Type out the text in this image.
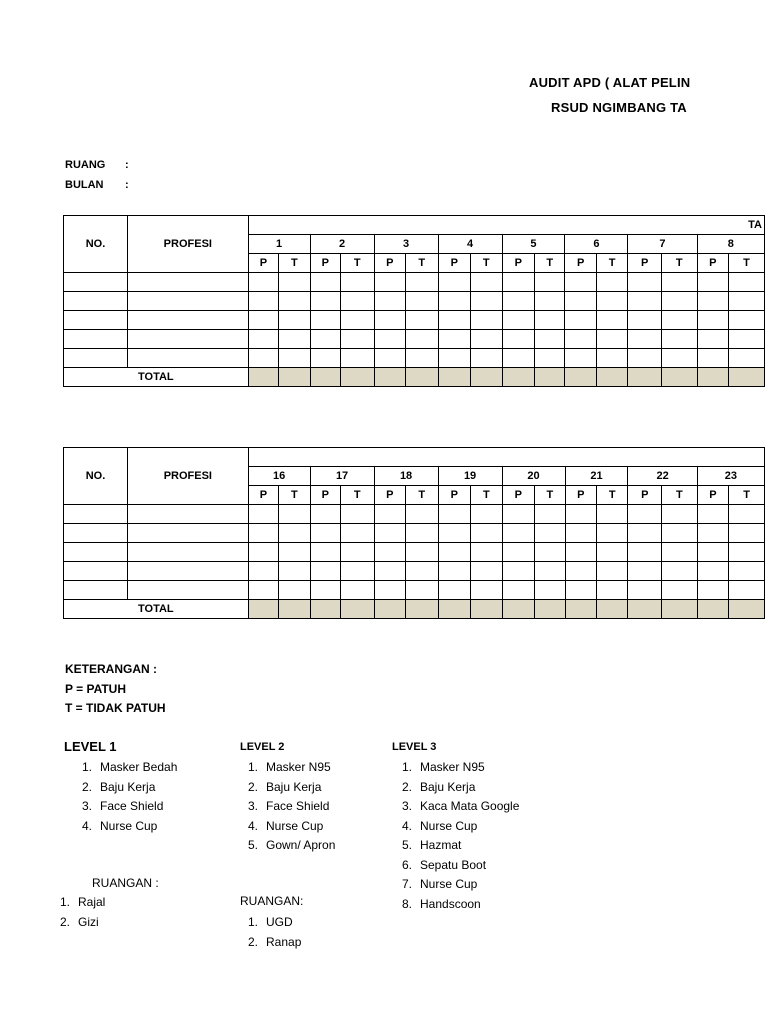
AUDIT APD ( ALAT PELIN
RSUD NGIMBANG TA
RUANG :
BULAN :
NO.	PROFESI	TA															
		1		2		3		4		5		6		7		8	
		P	T	P	T	P	T	P	T	P	T	P	T	P	T	P	T

TOTAL																	
NO.	PROFESI																
		16		17		18		19		20		21		22		23	
		P	T	P	T	P	T	P	T	P	T	P	T	P	T	P	T

TOTAL																	
KETERANGAN :
P = PATUH
T = TIDAK PATUH
LEVEL 1
1. Masker Bedah
2. Baju Kerja
3. Face Shield
4. Nurse Cup
LEVEL 2
1. Masker N95
2. Baju Kerja
3. Face Shield
4. Nurse Cup
5. Gown/ Apron
LEVEL 3
1. Masker N95
2. Baju Kerja
3. Kaca Mata Google
4. Nurse Cup
5. Hazmat
6. Sepatu Boot
7. Nurse Cup
8. Handscoon
RUANGAN :
1. Rajal
2. Gizi
RUANGAN:
1. UGD
2. Ranap
